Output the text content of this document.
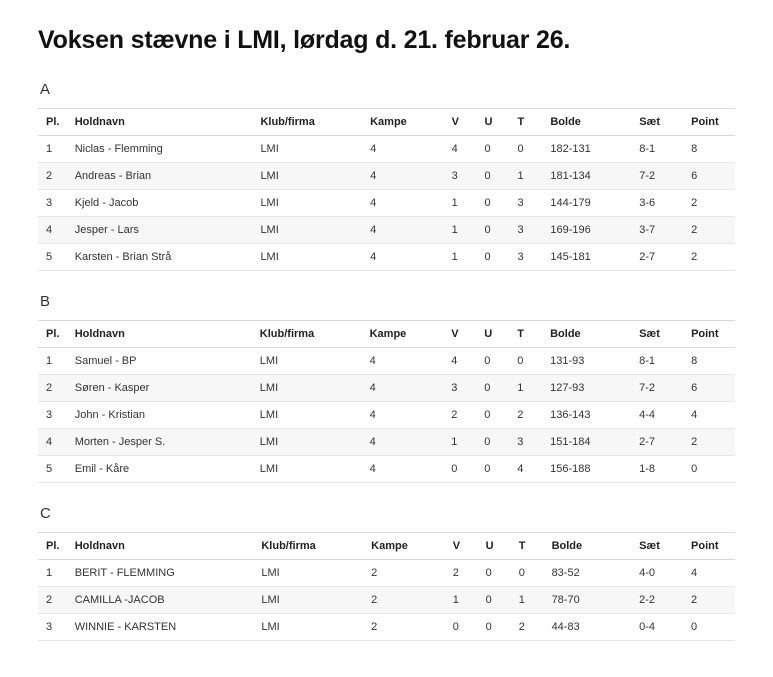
Voksen stævne i LMI, lørdag d. 21. februar 26.
A
Pl.	Holdnavn	Klub/firma	Kampe	V	U	T	Bolde	Sæt	Point
1	Niclas - Flemming	LMI	4	4	0	0	182-131	8-1	8
2	Andreas - Brian	LMI	4	3	0	1	181-134	7-2	6
3	Kjeld - Jacob	LMI	4	1	0	3	144-179	3-6	2
4	Jesper - Lars	LMI	4	1	0	3	169-196	3-7	2
5	Karsten - Brian Strå	LMI	4	1	0	3	145-181	2-7	2
B
Pl.	Holdnavn	Klub/firma	Kampe	V	U	T	Bolde	Sæt	Point
1	Samuel - BP	LMI	4	4	0	0	131-93	8-1	8
2	Søren - Kasper	LMI	4	3	0	1	127-93	7-2	6
3	John - Kristian	LMI	4	2	0	2	136-143	4-4	4
4	Morten - Jesper S.	LMI	4	1	0	3	151-184	2-7	2
5	Emil - Kåre	LMI	4	0	0	4	156-188	1-8	0
C
Pl.	Holdnavn	Klub/firma	Kampe	V	U	T	Bolde	Sæt	Point
1	BERIT - FLEMMING	LMI	2	2	0	0	83-52	4-0	4
2	CAMILLA -JACOB	LMI	2	1	0	1	78-70	2-2	2
3	WINNIE - KARSTEN	LMI	2	0	0	2	44-83	0-4	0
